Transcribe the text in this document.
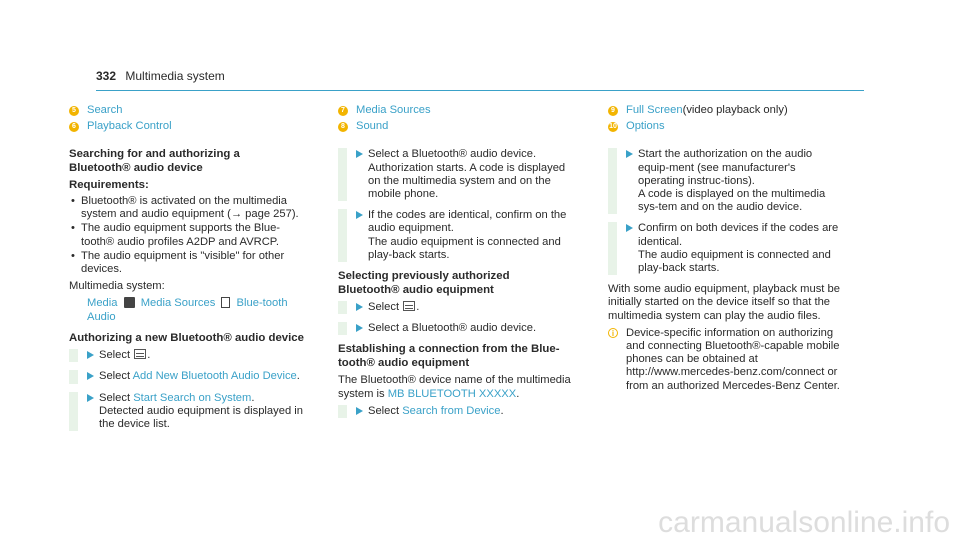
332 Multimedia system
5 Search
6 Playback Control
Searching for and authorizing a Bluetooth® audio device
Requirements:
• Bluetooth® is activated on the multimedia system and audio equipment (→ page 257).
• The audio equipment supports the Blue-tooth® audio profiles A2DP and AVRCP.
• The audio equipment is "visible" for other devices.

Multimedia system:

Media Media Sources Blue-tooth Audio
Authorizing a new Bluetooth® audio device
Select .
Select Add New Bluetooth Audio Device.
Select Start Search on System.
Detected audio equipment is displayed in the device list.
7 Media Sources
8 Sound
Select a Bluetooth® audio device.
Authorization starts. A code is displayed on the multimedia system and on the mobile phone.
If the codes are identical, confirm on the audio equipment.
The audio equipment is connected and play-back starts.
Selecting previously authorized Bluetooth® audio equipment
Select .
Select a Bluetooth® audio device.
Establishing a connection from the Blue-tooth® audio equipment

The Bluetooth® device name of the multimedia system is MB BLUETOOTH XXXXX.

Select Search from Device.
9 Full Screen (video playback only)
10 Options
Start the authorization on the audio equip-ment (see manufacturer's operating instruc-tions).
A code is displayed on the multimedia sys-tem and on the audio device.
Confirm on both devices if the codes are identical.
The audio equipment is connected and play-back starts.

With some audio equipment, playback must be initially started on the device itself so that the multimedia system can play the audio files.

i	Device-specific information on authorizing and connecting Bluetooth®-capable mobile phones can be obtained at http://www.mercedes-benz.com/connect or from an authorized Mercedes-Benz Center.
carmanualsonline.info
